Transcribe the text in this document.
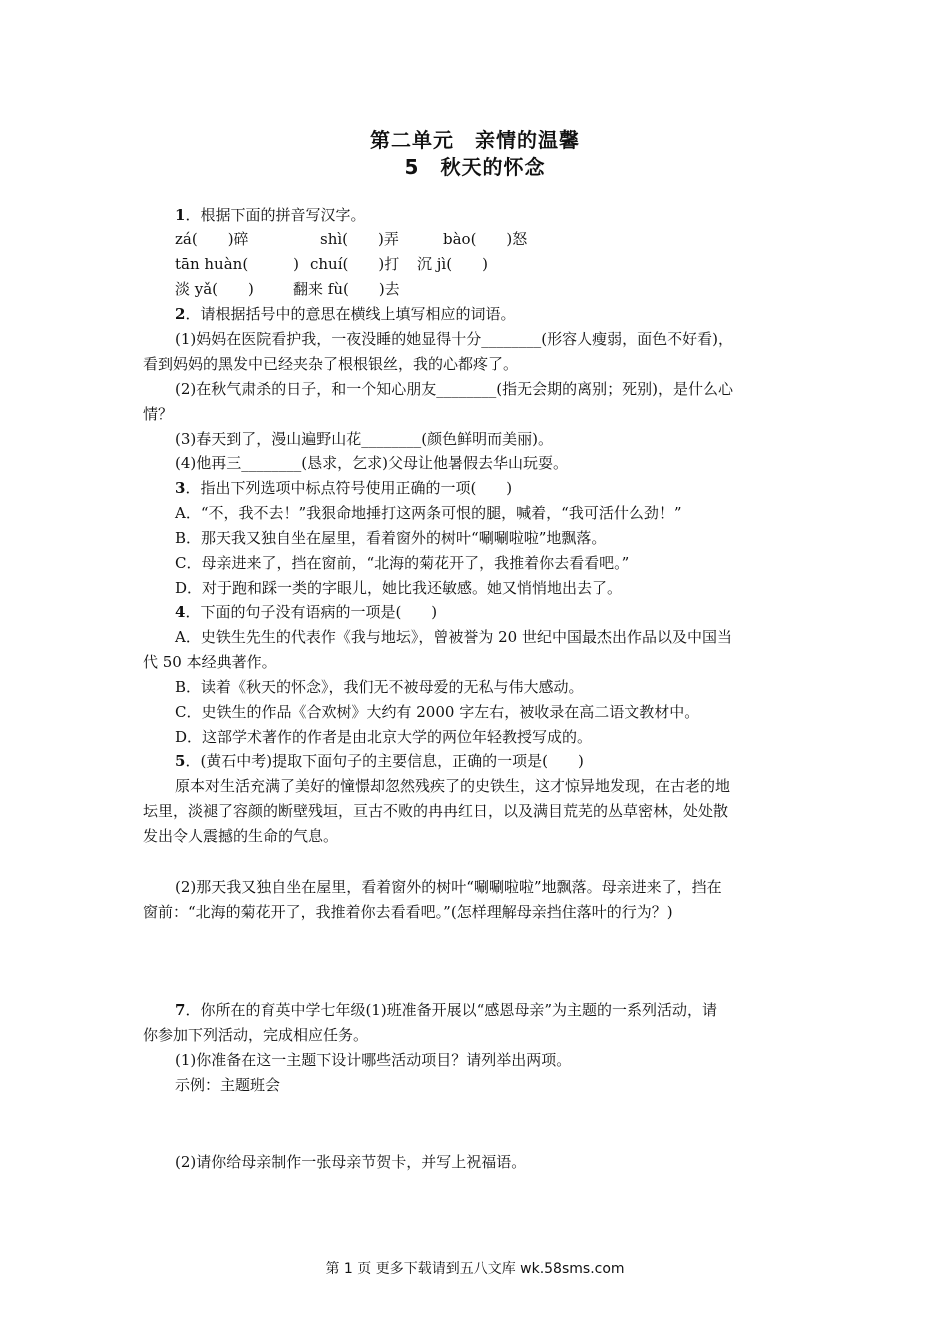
第二单元　亲情的温馨
5　秋天的怀念
1．根据下面的拼音写汉字。
zá(　　)碎	shì(　　)弄	bào(　　)怒
tān huàn(　　　) chuí(　　)打 沉 jì(　　)
淡 yǎ(　　)	翻来 fù(　　)去
2．请根据括号中的意思在横线上填写相应的词语。
(1)妈妈在医院看护我，一夜没睡的她显得十分________(形容人瘦弱，面色不好看)，
看到妈妈的黑发中已经夹杂了根根银丝，我的心都疼了。
(2)在秋气肃杀的日子，和一个知心朋友________(指无会期的离别；死别)，是什么心
情？
(3)春天到了，漫山遍野山花________(颜色鲜明而美丽)。
(4)他再三________(恳求，乞求)父母让他暑假去华山玩耍。
3．指出下列选项中标点符号使用正确的一项(　　)
A．“不，我不去！”我狠命地捶打这两条可恨的腿，喊着，“我可活什么劲！”
B．那天我又独自坐在屋里，看着窗外的树叶“唰唰啦啦”地飘落。
C．母亲进来了，挡在窗前，“北海的菊花开了，我推着你去看看吧。”
D．对于跑和踩一类的字眼儿，她比我还敏感。她又悄悄地出去了。
4．下面的句子没有语病的一项是(　　)
A．史铁生先生的代表作《我与地坛》，曾被誉为 20 世纪中国最杰出作品以及中国当
代 50 本经典著作。
B．读着《秋天的怀念》，我们无不被母爱的无私与伟大感动。
C．史铁生的作品《合欢树》大约有 2000 字左右，被收录在高二语文教材中。
D．这部学术著作的作者是由北京大学的两位年轻教授写成的。
5．(黄石中考)提取下面句子的主要信息，正确的一项是(　　)
原本对生活充满了美好的憧憬却忽然残疾了的史铁生，这才惊异地发现，在古老的地
坛里，淡褪了容颜的断壁残垣，亘古不败的冉冉红日，以及满目荒芜的丛草密林，处处散
发出令人震撼的生命的气息。
(2)那天我又独自坐在屋里，看着窗外的树叶“唰唰啦啦”地飘落。母亲进来了，挡在
窗前：“北海的菊花开了，我推着你去看看吧。”(怎样理解母亲挡住落叶的行为？)
7．你所在的育英中学七年级(1)班准备开展以“感恩母亲”为主题的一系列活动，请
你参加下列活动，完成相应任务。
(1)你准备在这一主题下设计哪些活动项目？请列举出两项。
示例：主题班会
(2)请你给母亲制作一张母亲节贺卡，并写上祝福语。
第 1 页 更多下载请到五八文库 wk.58sms.com
